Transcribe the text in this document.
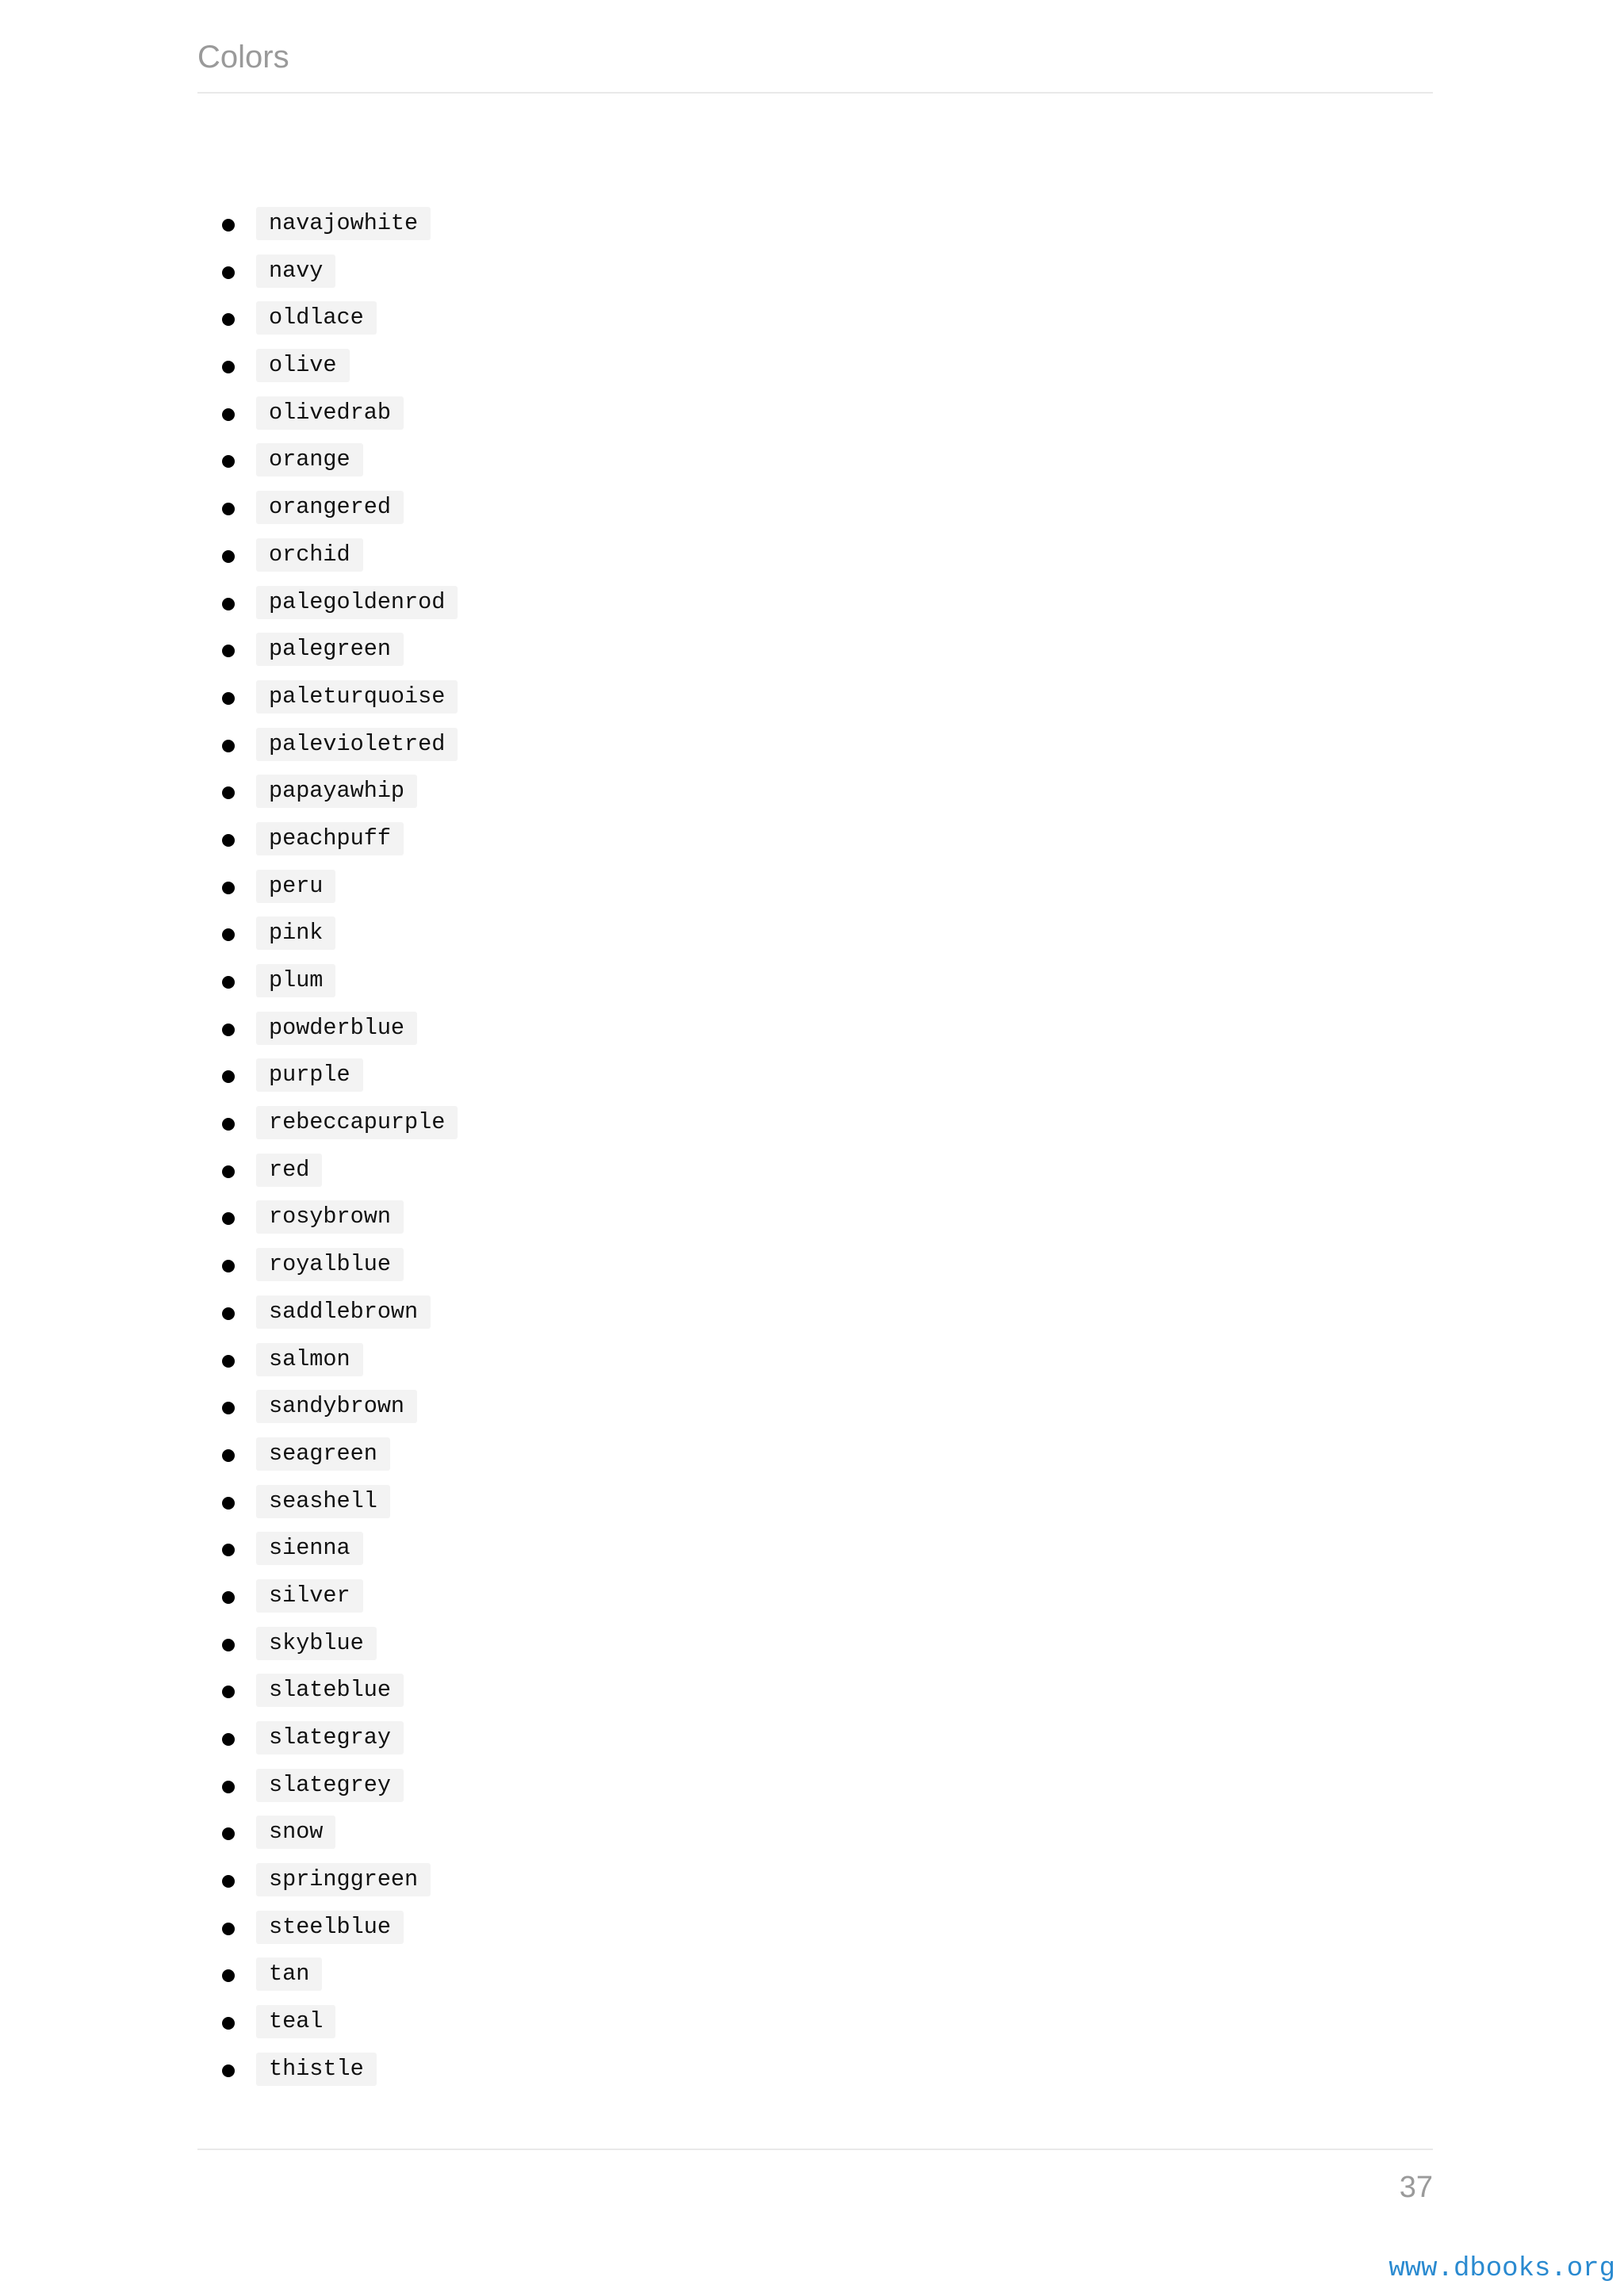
Colors
navajowhite
navy
oldlace
olive
olivedrab
orange
orangered
orchid
palegoldenrod
palegreen
paleturquoise
palevioletred
papayawhip
peachpuff
peru
pink
plum
powderblue
purple
rebeccapurple
red
rosybrown
royalblue
saddlebrown
salmon
sandybrown
seagreen
seashell
sienna
silver
skyblue
slateblue
slategray
slategrey
snow
springgreen
steelblue
tan
teal
thistle
37
www.dbooks.org
